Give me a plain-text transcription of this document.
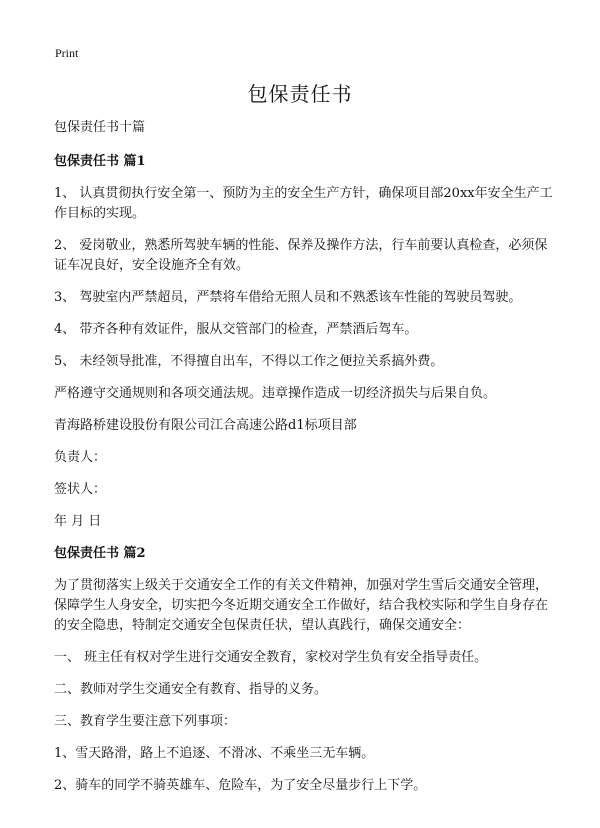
Print
包保责任书

包保责任书十篇

包保责任书 篇1

1、 认真贯彻执行安全第一、预防为主的安全生产方针，确保项目部20xx年安全生产工作目标的实现。

2、 爱岗敬业，熟悉所驾驶车辆的性能、保养及操作方法，行车前要认真检查，必须保证车况良好，安全设施齐全有效。

3、 驾驶室内严禁超员，严禁将车借给无照人员和不熟悉该车性能的驾驶员驾驶。

4、 带齐各种有效证件，服从交管部门的检查，严禁酒后驾车。

5、 未经领导批准，不得擅自出车，不得以工作之便拉关系搞外费。

严格遵守交通规则和各项交通法规。违章操作造成一切经济损失与后果自负。

青海路桥建设股份有限公司江合高速公路d1标项目部

负责人：

签状人：

年 月 日

包保责任书 篇2

为了贯彻落实上级关于交通安全工作的有关文件精神，加强对学生雪后交通安全管理，保障学生人身安全，切实把今冬近期交通安全工作做好，结合我校实际和学生自身存在的安全隐患，特制定交通安全包保责任状，望认真践行，确保交通安全：

一、 班主任有权对学生进行交通安全教育，家校对学生负有安全指导责任。

二、教师对学生交通安全有教育、指导的义务。

三、教育学生要注意下列事项：

1、雪天路滑，路上不追逐、不滑冰、不乘坐三无车辆。

2、骑车的同学不骑英雄车、危险车，为了安全尽量步行上下学。
